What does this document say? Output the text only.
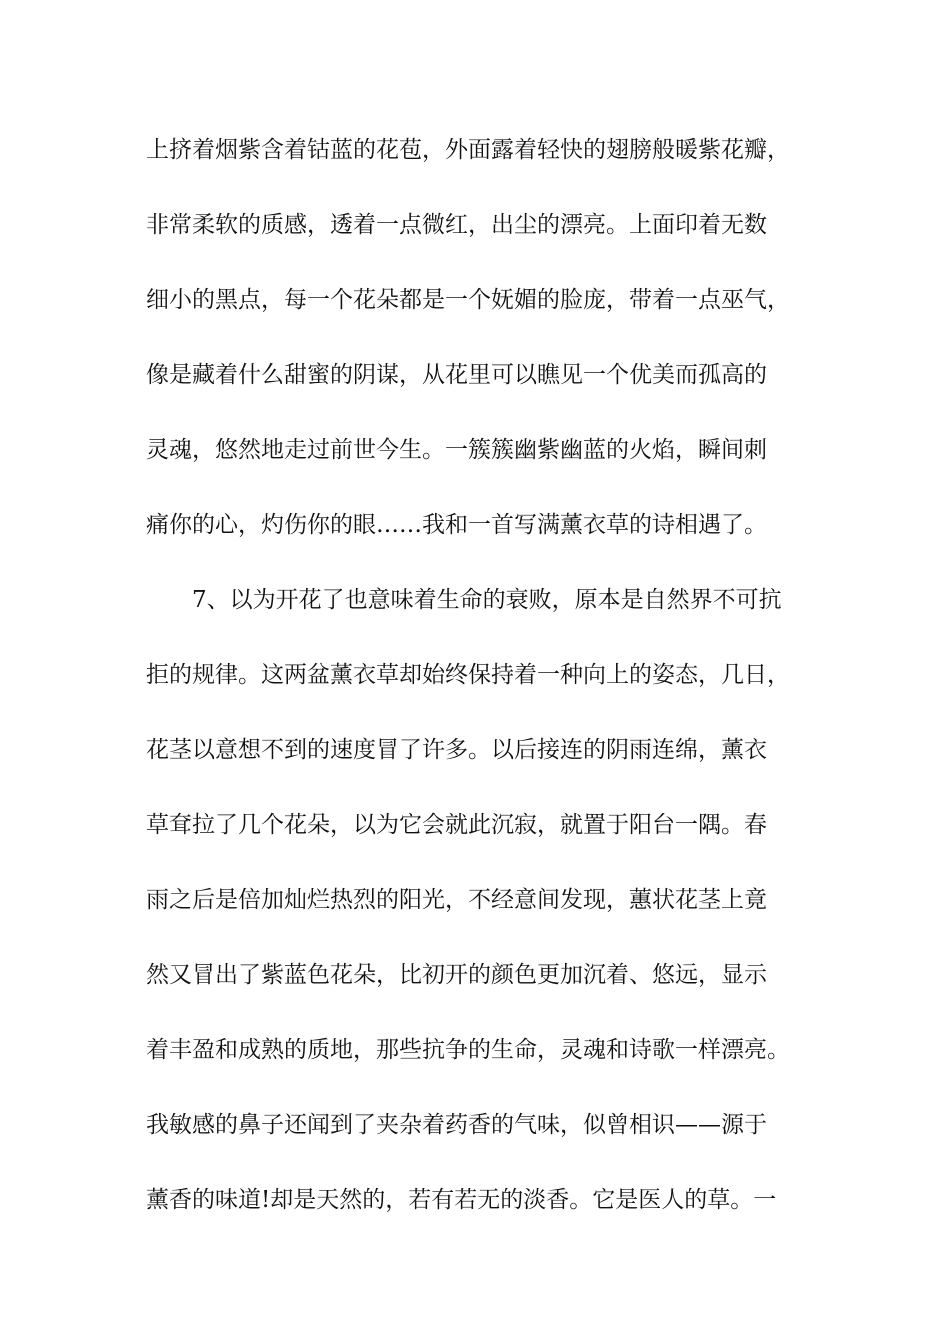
上挤着烟紫含着钴蓝的花苞，外面露着轻快的翅膀般暖紫花瓣，
非常柔软的质感，透着一点微红，出尘的漂亮。上面印着无数
细小的黑点，每一个花朵都是一个妩媚的脸庞，带着一点巫气，
像是藏着什么甜蜜的阴谋，从花里可以瞧见一个优美而孤高的
灵魂，悠然地走过前世今生。一簇簇幽紫幽蓝的火焰，瞬间刺
痛你的心，灼伤你的眼……我和一首写满薰衣草的诗相遇了。
7、以为开花了也意味着生命的衰败，原本是自然界不可抗
拒的规律。这两盆薰衣草却始终保持着一种向上的姿态，几日，
花茎以意想不到的速度冒了许多。以后接连的阴雨连绵，薰衣
草耷拉了几个花朵，以为它会就此沉寂，就置于阳台一隅。春
雨之后是倍加灿烂热烈的阳光，不经意间发现，蕙状花茎上竟
然又冒出了紫蓝色花朵，比初开的颜色更加沉着、悠远，显示
着丰盈和成熟的质地，那些抗争的生命，灵魂和诗歌一样漂亮。
我敏感的鼻子还闻到了夹杂着药香的气味，似曾相识——源于
薰香的味道!却是天然的，若有若无的淡香。它是医人的草。一
